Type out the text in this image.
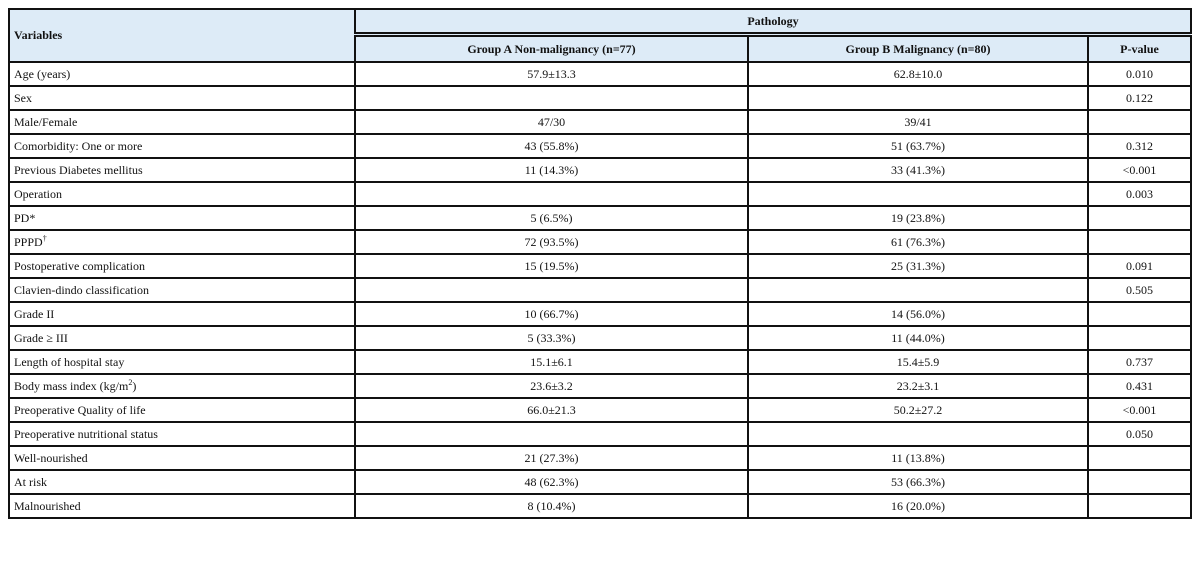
Variables	Pathology		
	Group A Non-malignancy (n=77)	Group B Malignancy (n=80)	P-value
Age (years)	57.9±13.3	62.8±10.0	0.010
Sex			0.122
Male/Female	47/30	39/41	
Comorbidity: One or more	43 (55.8%)	51 (63.7%)	0.312
Previous Diabetes mellitus	11 (14.3%)	33 (41.3%)	<0.001
Operation			0.003
PD*	5 (6.5%)	19 (23.8%)	
PPPD†	72 (93.5%)	61 (76.3%)	
Postoperative complication	15 (19.5%)	25 (31.3%)	0.091
Clavien-dindo classification			0.505
Grade II	10 (66.7%)	14 (56.0%)	
Grade ≥ III	5 (33.3%)	11 (44.0%)	
Length of hospital stay	15.1±6.1	15.4±5.9	0.737
Body mass index $(kg/m^2)$	23.6±3.2	23.2±3.1	0.431
Preoperative Quality of life	66.0±21.3	50.2±27.2	<0.001
Preoperative nutritional status			0.050
Well-nourished	21 (27.3%)	11 (13.8%)	
At risk	48 (62.3%)	53 (66.3%)	
Malnourished	8 (10.4%)	16 (20.0%)	
